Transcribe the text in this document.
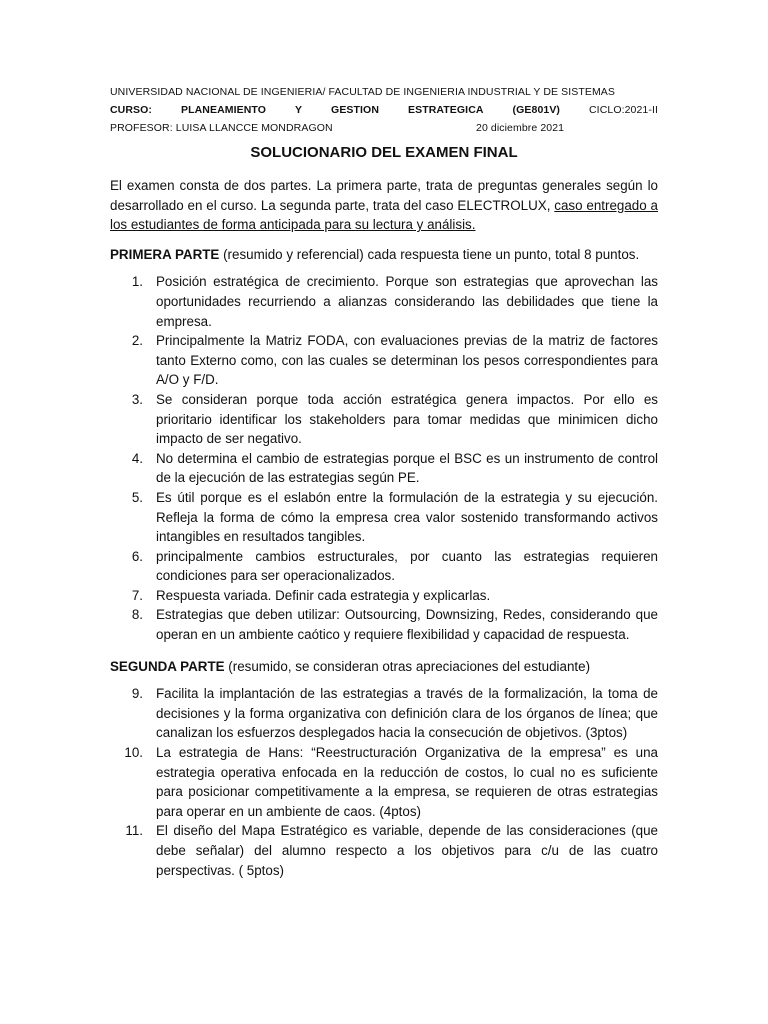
UNIVERSIDAD NACIONAL DE INGENIERIA/ FACULTAD DE INGENIERIA INDUSTRIAL Y DE SISTEMAS
CURSO:	PLANEAMIENTO	Y	GESTION	ESTRATEGICA	(GE801V)	CICLO:2021-II
PROFESOR: LUISA LLANCCE MONDRAGON	20 diciembre 2021
SOLUCIONARIO DEL EXAMEN FINAL

El examen consta de dos partes. La primera parte, trata de preguntas generales según lo desarrollado en el curso. La segunda parte, trata del caso ELECTROLUX, caso entregado a los estudiantes de forma anticipada para su lectura y análisis.

PRIMERA PARTE (resumido y referencial) cada respuesta tiene un punto, total 8 puntos.

1. Posición estratégica de crecimiento. Porque son estrategias que aprovechan las oportunidades recurriendo a alianzas considerando las debilidades que tiene la empresa.
2. Principalmente la Matriz FODA, con evaluaciones previas de la matriz de factores tanto Externo como, con las cuales se determinan los pesos correspondientes para A/O y F/D.
3. Se consideran porque toda acción estratégica genera impactos. Por ello es prioritario identificar los stakeholders para tomar medidas que minimicen dicho impacto de ser negativo.
4. No determina el cambio de estrategias porque el BSC es un instrumento de control de la ejecución de las estrategias según PE.
5. Es útil porque es el eslabón entre la formulación de la estrategia y su ejecución. Refleja la forma de cómo la empresa crea valor sostenido transformando activos intangibles en resultados tangibles.
6. principalmente cambios estructurales, por cuanto las estrategias requieren condiciones para ser operacionalizados.
7. Respuesta variada. Definir cada estrategia y explicarlas.
8. Estrategias que deben utilizar: Outsourcing, Downsizing, Redes, considerando que operan en un ambiente caótico y requiere flexibilidad y capacidad de respuesta.

SEGUNDA PARTE (resumido, se consideran otras apreciaciones del estudiante)

9. Facilita la implantación de las estrategias a través de la formalización, la toma de decisiones y la forma organizativa con definición clara de los órganos de línea; que canalizan los esfuerzos desplegados hacia la consecución de objetivos. (3ptos)
10. La estrategia de Hans: “Reestructuración Organizativa de la empresa” es una estrategia operativa enfocada en la reducción de costos, lo cual no es suficiente para posicionar competitivamente a la empresa, se requieren de otras estrategias para operar en un ambiente de caos. (4ptos)
11. El diseño del Mapa Estratégico es variable, depende de las consideraciones (que debe señalar) del alumno respecto a los objetivos para c/u de las cuatro perspectivas. ( 5ptos)
